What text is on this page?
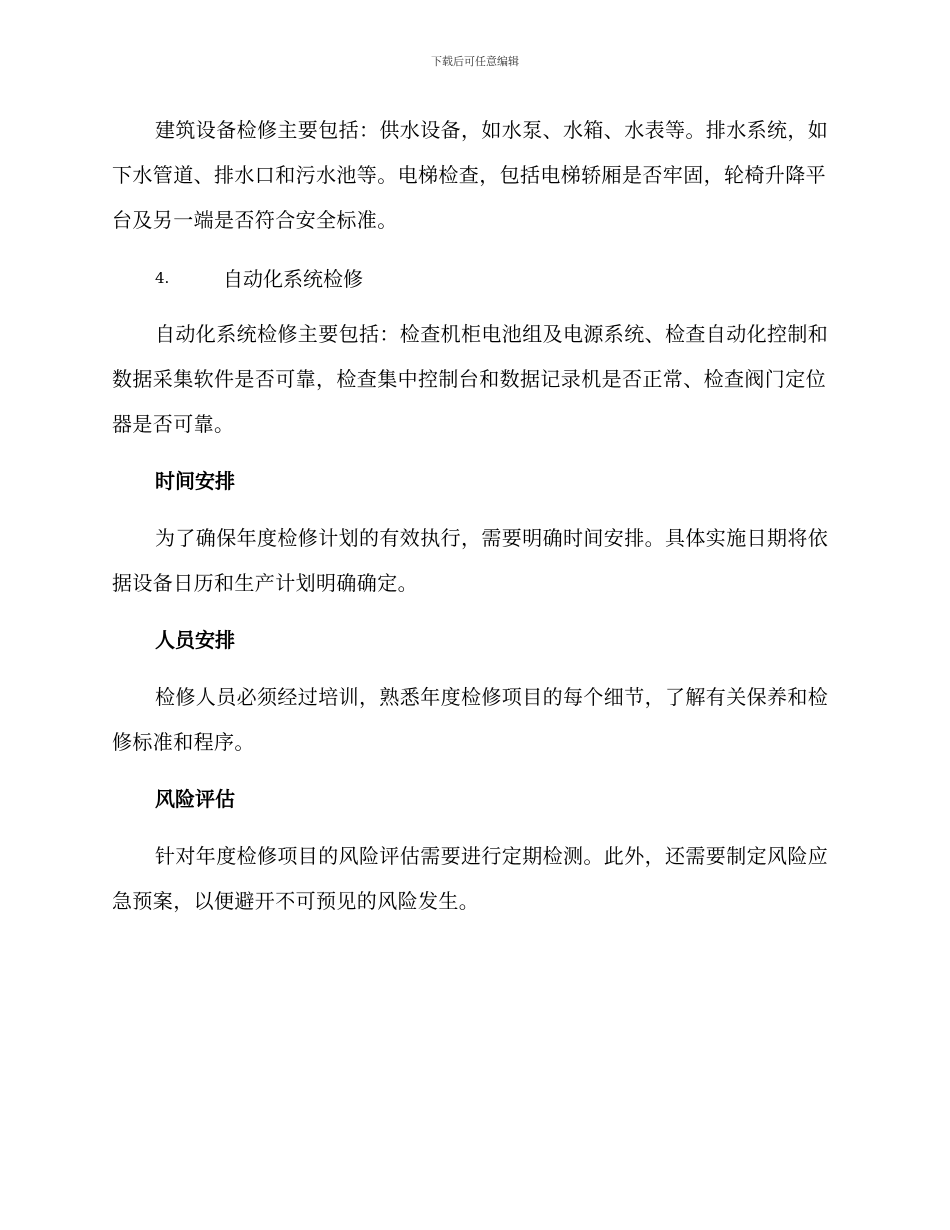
下载后可任意编辑

建筑设备检修主要包括：供水设备，如水泵、水箱、水表等。排水系统，如下水管道、排水口和污水池等。电梯检查，包括电梯轿厢是否牢固，轮椅升降平台及另一端是否符合安全标准。

4.	自动化系统检修

自动化系统检修主要包括：检查机柜电池组及电源系统、检查自动化控制和数据采集软件是否可靠，检查集中控制台和数据记录机是否正常、检查阀门定位器是否可靠。

时间安排

为了确保年度检修计划的有效执行，需要明确时间安排。具体实施日期将依据设备日历和生产计划明确确定。

人员安排

检修人员必须经过培训，熟悉年度检修项目的每个细节，了解有关保养和检修标准和程序。

风险评估

针对年度检修项目的风险评估需要进行定期检测。此外，还需要制定风险应急预案，以便避开不可预见的风险发生。
